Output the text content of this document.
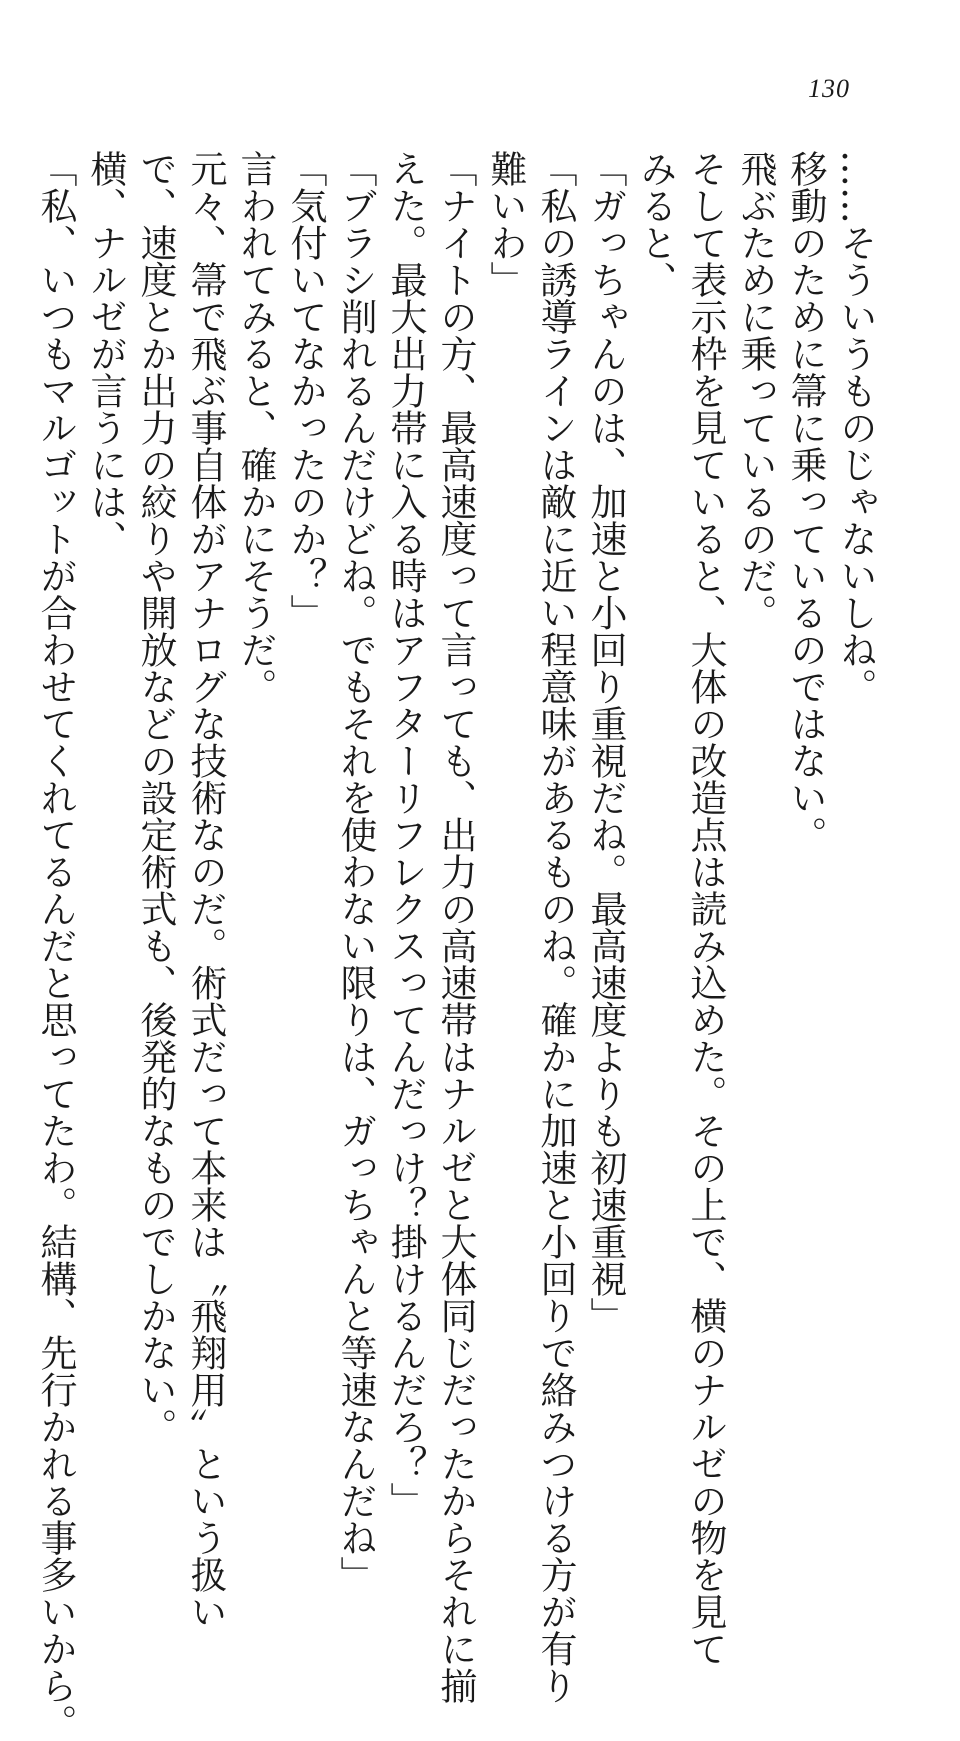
130

……そういうものじゃないしね。

移動のために箒に乗っているのではない。

飛ぶために乗っているのだ。

そして表示枠を見ていると、大体の改造点は読み込めた。その上で、横のナルゼの物を見て

みると、

「ガっちゃんのは、加速と小回り重視だね。最高速度よりも初速重視」

「私の誘導ラインは敵に近い程意味があるものね。確かに加速と小回りで絡みつける方が有り

難いわ」

「ナイトの方、最高速度って言っても、出力の高速帯はナルゼと大体同じだったからそれに揃

えた。最大出力帯に入る時はアフターリフレクスってんだっけ？掛けるんだろ？」

「ブラシ削れるんだけどね。でもそれを使わない限りは、ガっちゃんと等速なんだね」

「気付いてなかったのか？」

言われてみると、確かにそうだ。

元々、箒で飛ぶ事自体がアナログな技術なのだ。術式だって本来は〝飛翔用〟という扱い

で、速度とか出力の絞りや開放などの設定術式も、後発的なものでしかない。

横、ナルゼが言うには、

「私、いつもマルゴットが合わせてくれてるんだと思ってたわ。結構、先行かれる事多いから。
